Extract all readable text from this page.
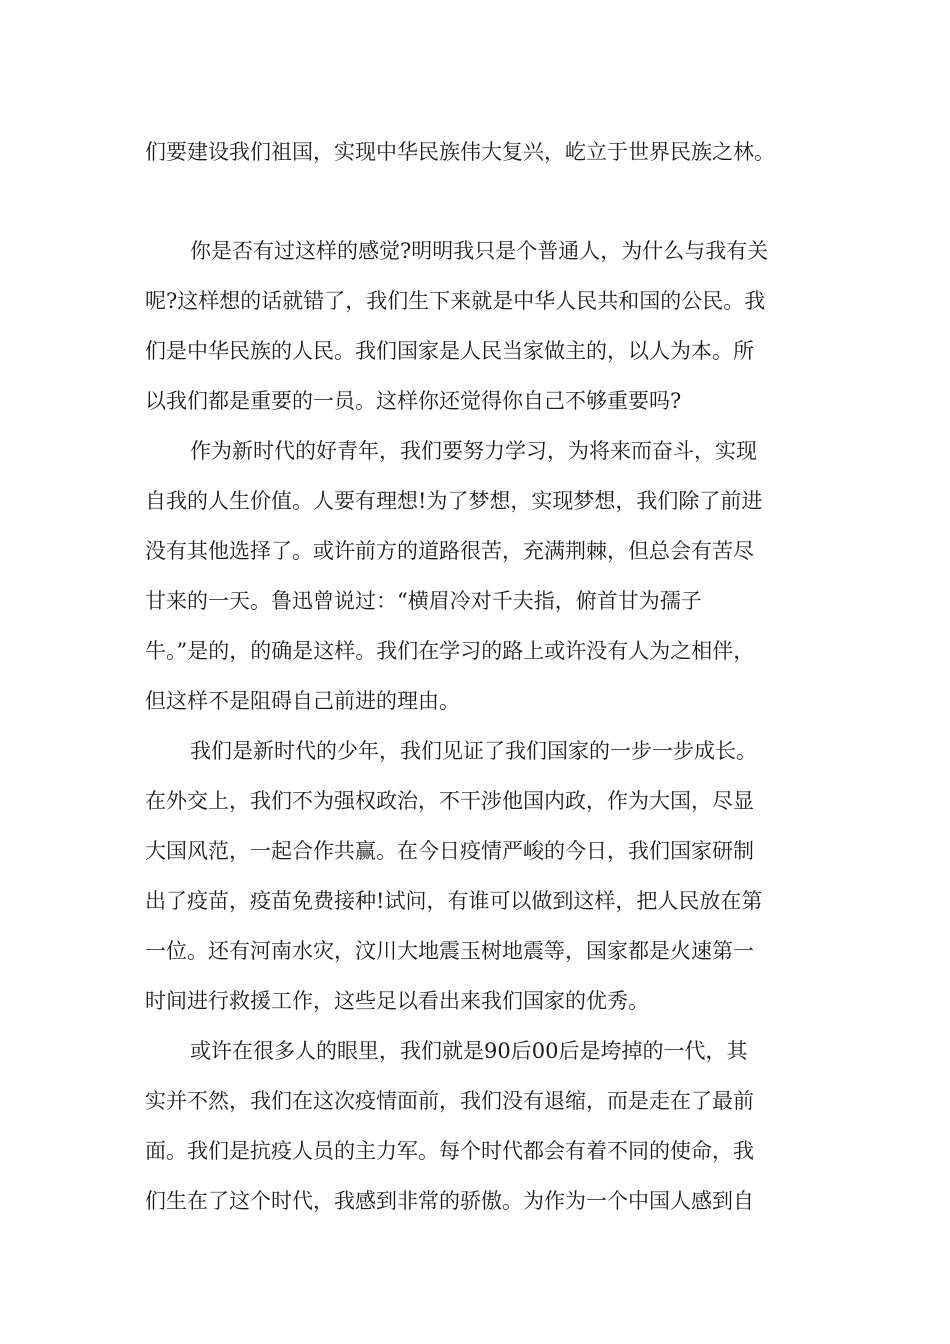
们要建设我们祖国，实现中华民族伟大复兴，屹立于世界民族之林。
你是否有过这样的感觉?明明我只是个普通人，为什么与我有关
呢?这样想的话就错了，我们生下来就是中华人民共和国的公民。我
们是中华民族的人民。我们国家是人民当家做主的，以人为本。所
以我们都是重要的一员。这样你还觉得你自己不够重要吗?
作为新时代的好青年，我们要努力学习，为将来而奋斗，实现
自我的人生价值。人要有理想!为了梦想，实现梦想，我们除了前进
没有其他选择了。或许前方的道路很苦，充满荆棘，但总会有苦尽
甘来的一天。鲁迅曾说过：“横眉冷对千夫指，俯首甘为孺子
牛。”是的，的确是这样。我们在学习的路上或许没有人为之相伴，
但这样不是阻碍自己前进的理由。
我们是新时代的少年，我们见证了我们国家的一步一步成长。
在外交上，我们不为强权政治，不干涉他国内政，作为大国，尽显
大国风范，一起合作共赢。在今日疫情严峻的今日，我们国家研制
出了疫苗，疫苗免费接种!试问，有谁可以做到这样，把人民放在第
一位。还有河南水灾，汶川大地震玉树地震等，国家都是火速第一
时间进行救援工作，这些足以看出来我们国家的优秀。
或许在很多人的眼里，我们就是90后00后是垮掉的一代，其
实并不然，我们在这次疫情面前，我们没有退缩，而是走在了最前
面。我们是抗疫人员的主力军。每个时代都会有着不同的使命，我
们生在了这个时代，我感到非常的骄傲。为作为一个中国人感到自
